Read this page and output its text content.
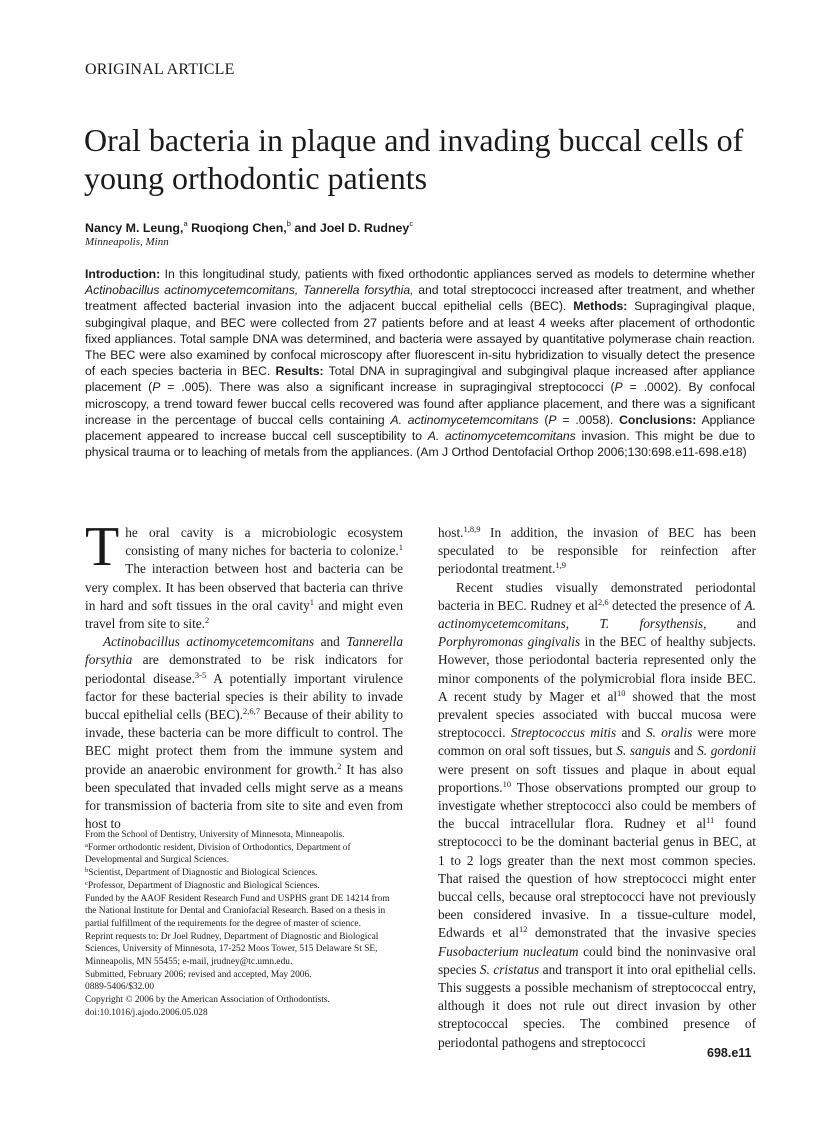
ORIGINAL ARTICLE
Oral bacteria in plaque and invading buccal cells of young orthodontic patients
Nancy M. Leung,$^a$ Ruoqiong Chen,$^b$ and Joel D. Rudney$^c$
Minneapolis, Minn

Introduction: In this longitudinal study, patients with fixed orthodontic appliances served as models to determine whether Actinobacillus actinomycetemcomitans, Tannerella forsythia, and total streptococci increased after treatment, and whether treatment affected bacterial invasion into the adjacent buccal epithelial cells (BEC). Methods: Supragingival plaque, subgingival plaque, and BEC were collected from 27 patients before and at least 4 weeks after placement of orthodontic fixed appliances. Total sample DNA was determined, and bacteria were assayed by quantitative polymerase chain reaction. The BEC were also examined by confocal microscopy after fluorescent in-situ hybridization to visually detect the presence of each species bacteria in BEC. Results: Total DNA in supragingival and subgingival plaque increased after appliance placement (P = .005). There was also a significant increase in supragingival streptococci (P = .0002). By confocal microscopy, a trend toward fewer buccal cells recovered was found after appliance placement, and there was a significant increase in the percentage of buccal cells containing A. actinomycetemcomitans (P = .0058). Conclusions: Appliance placement appeared to increase buccal cell susceptibility to A. actinomycetemcomitans invasion. This might be due to physical trauma or to leaching of metals from the appliances. (Am J Orthod Dentofacial Orthop 2006;130:698.e11-698.e18)

The oral cavity is a microbiologic ecosystem consisting of many niches for bacteria to colonize.$^1$ The interaction between host and bacteria can be very complex. It has been observed that bacteria can thrive in hard and soft tissues in the oral cavity$^1$ and might even travel from site to site.$^2$

Actinobacillus actinomycetemcomitans and Tannerella forsythia are demonstrated to be risk indicators for periodontal disease.$^{3-5}$ A potentially important virulence factor for these bacterial species is their ability to invade buccal epithelial cells (BEC).$^{2,6,7}$ Because of their ability to invade, these bacteria can be more difficult to control. The BEC might protect them from the immune system and provide an anaerobic environment for growth.$^2$ It has also been speculated that invaded cells might serve as a means for transmission of bacteria from site to site and even from host to

From the School of Dentistry, University of Minnesota, Minneapolis.

$^a$Former orthodontic resident, Division of Orthodontics, Department of Developmental and Surgical Sciences.

$^b$Scientist, Department of Diagnostic and Biological Sciences.

$^c$Professor, Department of Diagnostic and Biological Sciences.

Funded by the AAOF Resident Research Fund and USPHS grant DE 14214 from the National Institute for Dental and Craniofacial Research. Based on a thesis in partial fulfillment of the requirements for the degree of master of science.

Reprint requests to: Dr Joel Rudney, Department of Diagnostic and Biological Sciences, University of Minnesota, 17-252 Moos Tower, 515 Delaware St SE, Minneapolis, MN 55455; e-mail, jrudney@tc.umn.edu.

Submitted, February 2006; revised and accepted, May 2006.

0889-5406/$32.00

Copyright © 2006 by the American Association of Orthodontists.

doi:10.1016/j.ajodo.2006.05.028

host.$^{1,8,9}$ In addition, the invasion of BEC has been speculated to be responsible for reinfection after periodontal treatment.$^{1,9}$

Recent studies visually demonstrated periodontal bacteria in BEC. Rudney et al$^{2,6}$ detected the presence of A. actinomycetemcomitans, T. forsythensis, and Porphyromonas gingivalis in the BEC of healthy subjects. However, those periodontal bacteria represented only the minor components of the polymicrobial flora inside BEC. A recent study by Mager et $al^{10}$ showed that the most prevalent species associated with buccal mucosa were streptococci. Streptococcus mitis and S. oralis were more common on oral soft tissues, but S. sanguis and S. gordonii were present on soft tissues and plaque in about equal proportions.$^{10}$ Those observations prompted our group to investigate whether streptococci also could be members of the buccal intracellular flora. Rudney et $al^{11}$ found streptococci to be the dominant bacterial genus in BEC, at 1 to 2 logs greater than the next most common species. That raised the question of how streptococci might enter buccal cells, because oral streptococci have not previously been considered invasive. In a tissue-culture model, Edwards et $al^{12}$ demonstrated that the invasive species Fusobacterium nucleatum could bind the noninvasive oral species S. cristatus and transport it into oral epithelial cells. This suggests a possible mechanism of streptococcal entry, although it does not rule out direct invasion by other streptococcal species. The combined presence of periodontal pathogens and streptococci

698.e11
